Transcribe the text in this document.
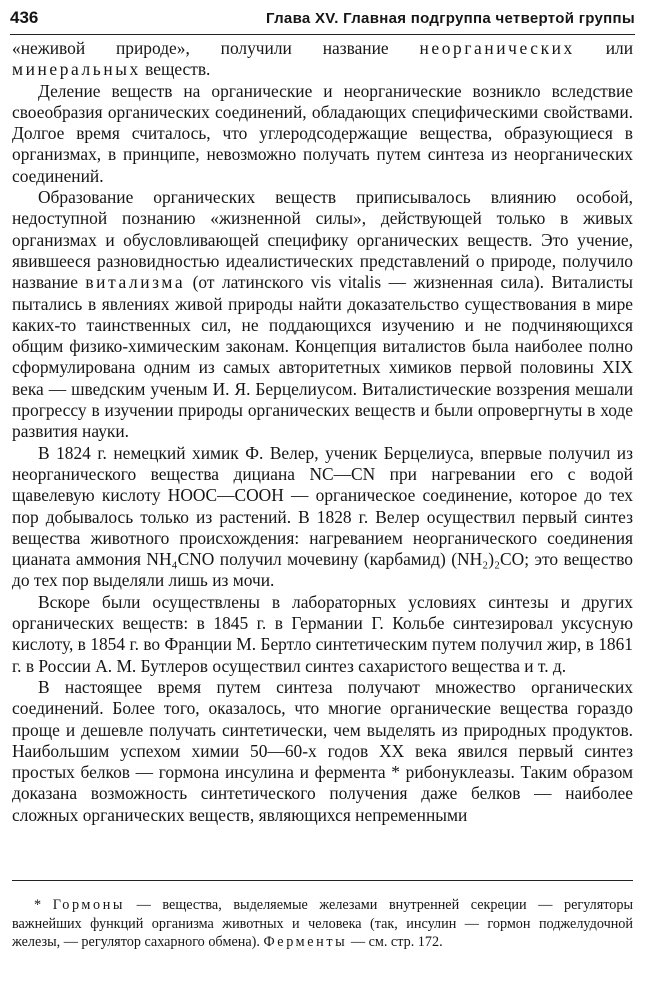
436	Глава XV. Главная подгруппа четвертой группы

«неживой природе», получили название неорганических или минеральных веществ.

Деление веществ на органические и неорганические возникло вследствие своеобразия органических соединений, обладающих специфическими свойствами. Долгое время считалось, что углеродсодержащие вещества, образующиеся в организмах, в принципе, невозможно получать путем синтеза из неорганических соединений.

Образование органических веществ приписывалось влиянию особой, недоступной познанию «жизненной силы», действующей только в живых организмах и обусловливающей специфику органических веществ. Это учение, явившееся разновидностью идеалистических представлений о природе, получило название витализма (от латинского vis vitalis — жизненная сила). Виталисты пытались в явлениях живой природы найти доказательство существования в мире каких-то таинственных сил, не поддающихся изучению и не подчиняющихся общим физико-химическим законам. Концепция виталистов была наиболее полно сформулирована одним из самых авторитетных химиков первой половины XIX века — шведским ученым И. Я. Берцелиусом. Виталистические воззрения мешали прогрессу в изучении природы органических веществ и были опровергнуты в ходе развития науки.

В 1824 г. немецкий химик Ф. Велер, ученик Берцелиуса, впервые получил из неорганического вещества дициана NC—CN при нагревании его с водой щавелевую кислоту HOOC—COOH — органическое соединение, которое до тех пор добывалось только из растений. В 1828 г. Велер осуществил первый синтез вещества животного происхождения: нагреванием неорганического соединения цианата аммония NH₄CNO получил мочевину (карбамид) (NH₂)₂CO; это вещество до тех пор выделяли лишь из мочи.

Вскоре были осуществлены в лабораторных условиях синтезы и других органических веществ: в 1845 г. в Германии Г. Кольбе синтезировал уксусную кислоту, в 1854 г. во Франции М. Бертло синтетическим путем получил жир, в 1861 г. в России А. М. Бутлеров осуществил синтез сахаристого вещества и т. д.

В настоящее время путем синтеза получают множество органических соединений. Более того, оказалось, что многие органические вещества гораздо проще и дешевле получать синтетически, чем выделять из природных продуктов. Наибольшим успехом химии 50—60-х годов XX века явился первый синтез простых белков — гормона инсулина и фермента * рибонуклеазы. Таким образом доказана возможность синтетического получения даже белков — наиболее сложных органических веществ, являющихся непременными

* Гормоны — вещества, выделяемые железами внутренней секреции — регуляторы важнейших функций организма животных и человека (так, инсулин — гормон поджелудочной железы, — регулятор сахарного обмена). Ферменты — см. стр. 172.
